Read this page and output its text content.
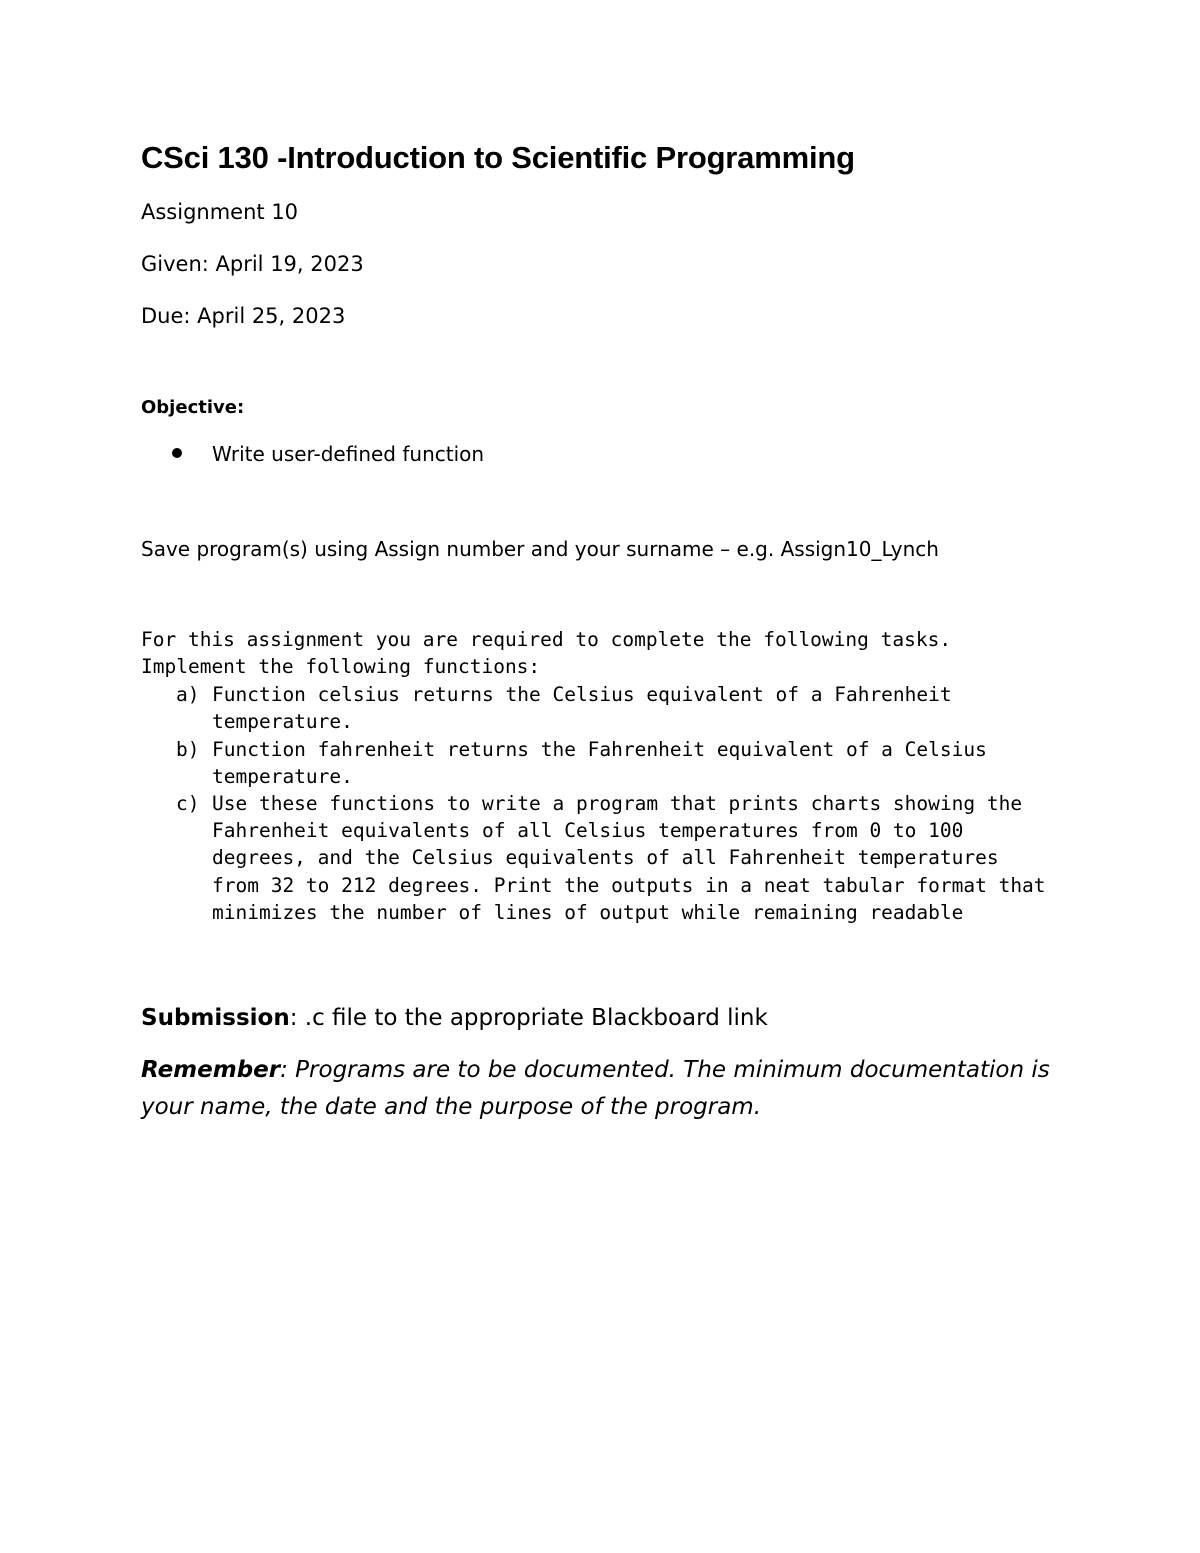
CSci 130 -Introduction to Scientific Programming
Assignment 10
Given: April 19, 2023
Due: April 25, 2023
Objective:
Write user-defined function
Save program(s) using Assign number and your surname – e.g. Assign10_Lynch
For this assignment you are required to complete the following tasks.
Implement the following functions:
a) Function celsius returns the Celsius equivalent of a Fahrenheit
temperature.
b) Function fahrenheit returns the Fahrenheit equivalent of a Celsius
temperature.
c) Use these functions to write a program that prints charts showing the
Fahrenheit equivalents of all Celsius temperatures from 0 to 100
degrees, and the Celsius equivalents of all Fahrenheit temperatures
from 32 to 212 degrees. Print the outputs in a neat tabular format that
minimizes the number of lines of output while remaining readable
Submission: .c file to the appropriate Blackboard link
Remember: Programs are to be documented. The minimum documentation is
your name, the date and the purpose of the program.
